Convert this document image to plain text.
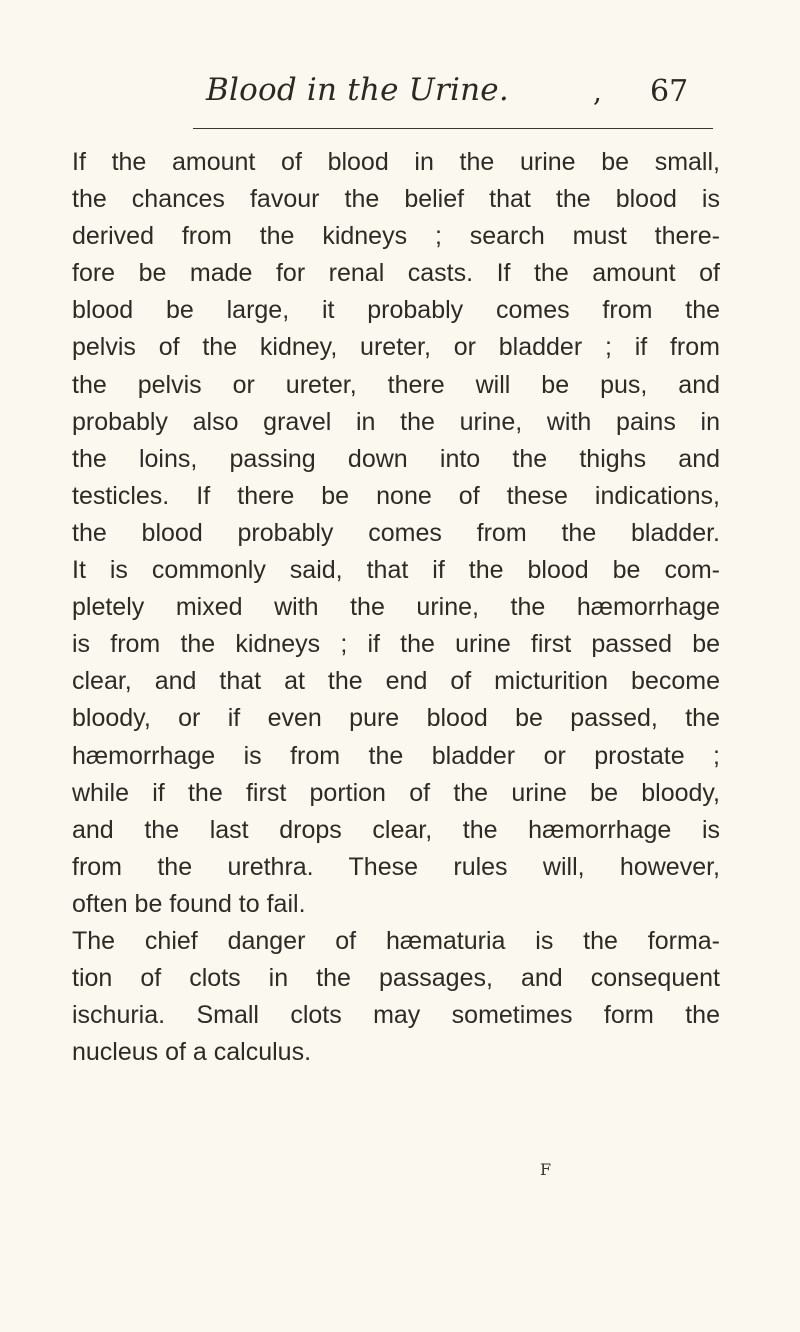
Blood in the Urine.	, 67
If the amount of blood in the urine be small,
the chances favour the belief that the blood is
derived from the kidneys ; search must there-
fore be made for renal casts. If the amount of
blood be large, it probably comes from the
pelvis of the kidney, ureter, or bladder ; if from
the pelvis or ureter, there will be pus, and
probably also gravel in the urine, with pains in
the loins, passing down into the thighs and
testicles. If there be none of these indications,
the blood probably comes from the bladder.
It is commonly said, that if the blood be com-
pletely mixed with the urine, the hæmorrhage
is from the kidneys ; if the urine first passed be
clear, and that at the end of micturition become
bloody, or if even pure blood be passed, the
hæmorrhage is from the bladder or prostate ;
while if the first portion of the urine be bloody,
and the last drops clear, the hæmorrhage is
from the urethra. These rules will, however,
often be found to fail.
The chief danger of hæmaturia is the forma-
tion of clots in the passages, and consequent
ischuria. Small clots may sometimes form the
nucleus of a calculus.
F
